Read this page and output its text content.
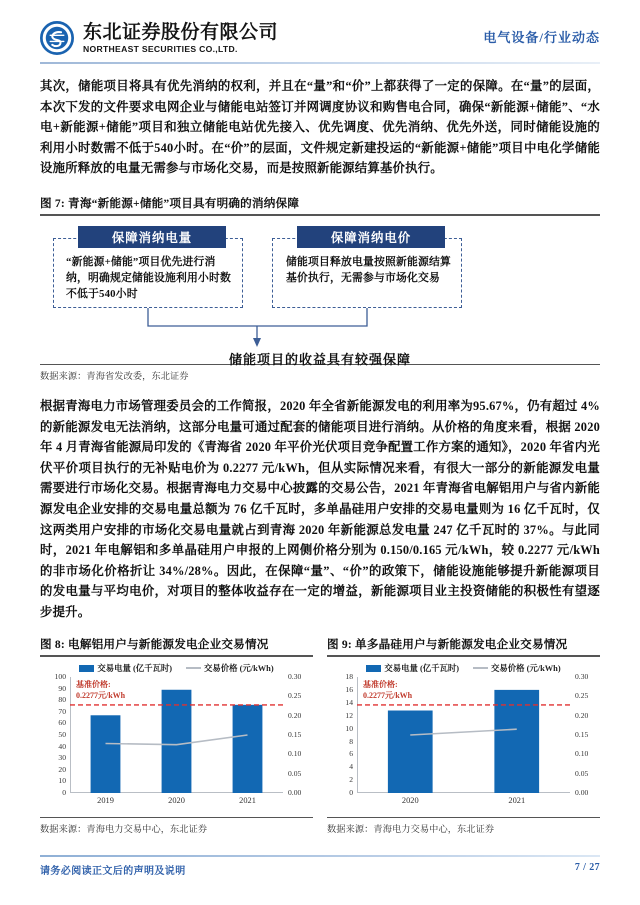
东北证券股份有限公司
NORTHEAST SECURITIES CO.,LTD.
电气设备/行业动态
其次，储能项目将具有优先消纳的权利，并且在“量”和“价”上都获得了一定的保障。在“量”的层面，本次下发的文件要求电网企业与储能电站签订并网调度协议和购售电合同，确保“新能源+储能”、“水电+新能源+储能”项目和独立储能电站优先接入、优先调度、优先消纳、优先外送，同时储能设施的利用小时数需不低于540小时。在“价”的层面，文件规定新建投运的“新能源+储能”项目中电化学储能设施所释放的电量无需参与市场化交易，而是按照新能源结算基价执行。
图 7: 青海“新能源+储能”项目具有明确的消纳保障
保障消纳电量
“新能源+储能”项目优先进行消纳，明确规定储能设施利用小时数不低于540小时
保障消纳电价
储能项目释放电量按照新能源结算基价执行，无需参与市场化交易
储能项目的收益具有较强保障
数据来源：青海省发改委，东北证券
根据青海电力市场管理委员会的工作简报，2020 年全省新能源发电的利用率为95.67%，仍有超过 4%的新能源发电无法消纳，这部分电量可通过配套的储能项目进行消纳。从价格的角度来看，根据 2020 年 4 月青海省能源局印发的《青海省 2020 年平价光伏项目竞争配置工作方案的通知》，2020 年省内光伏平价项目执行的无补贴电价为 0.2277 元/kWh，但从实际情况来看，有很大一部分的新能源发电量需要进行市场化交易。根据青海电力交易中心披露的交易公告，2021 年青海省电解铝用户与省内新能源发电企业安排的交易电量总额为 76 亿千瓦时，多单晶硅用户安排的交易电量则为 16 亿千瓦时，仅这两类用户安排的市场化交易电量就占到青海 2020 年新能源总发电量 247 亿千瓦时的 37%。与此同时，2021 年电解铝和多单晶硅用户申报的上网侧价格分别为 0.150/0.165 元/kWh，较 0.2277 元/kWh 的非市场化价格折让 34%/28%。因此，在保障“量”、“价”的政策下，储能设施能够提升新能源项目的发电量与平均电价，对项目的整体收益存在一定的增益，新能源项目业主投资储能的积极性有望逐步提升。
图 8: 电解铝用户与新能源发电企业交易情况
交易电量 (亿千瓦时)	交易价格 (元/kWh)
0
10
20
30
40
50
60
70
80
90
100
0.00
0.05
0.10
0.15
0.20
0.25
0.30
基准价格:
0.2277元/kWh
2019	2020	2021
数据来源：青海电力交易中心，东北证券
图 9: 单多晶硅用户与新能源发电企业交易情况
交易电量 (亿千瓦时)	交易价格 (元/kWh)
0
2
4
6
8
10
12
14
16
18
0.00
0.05
0.10
0.15
0.20
0.25
0.30
基准价格:
0.2277元/kWh
2020	2021
数据来源：青海电力交易中心，东北证券
请务必阅读正文后的声明及说明	7 / 27
